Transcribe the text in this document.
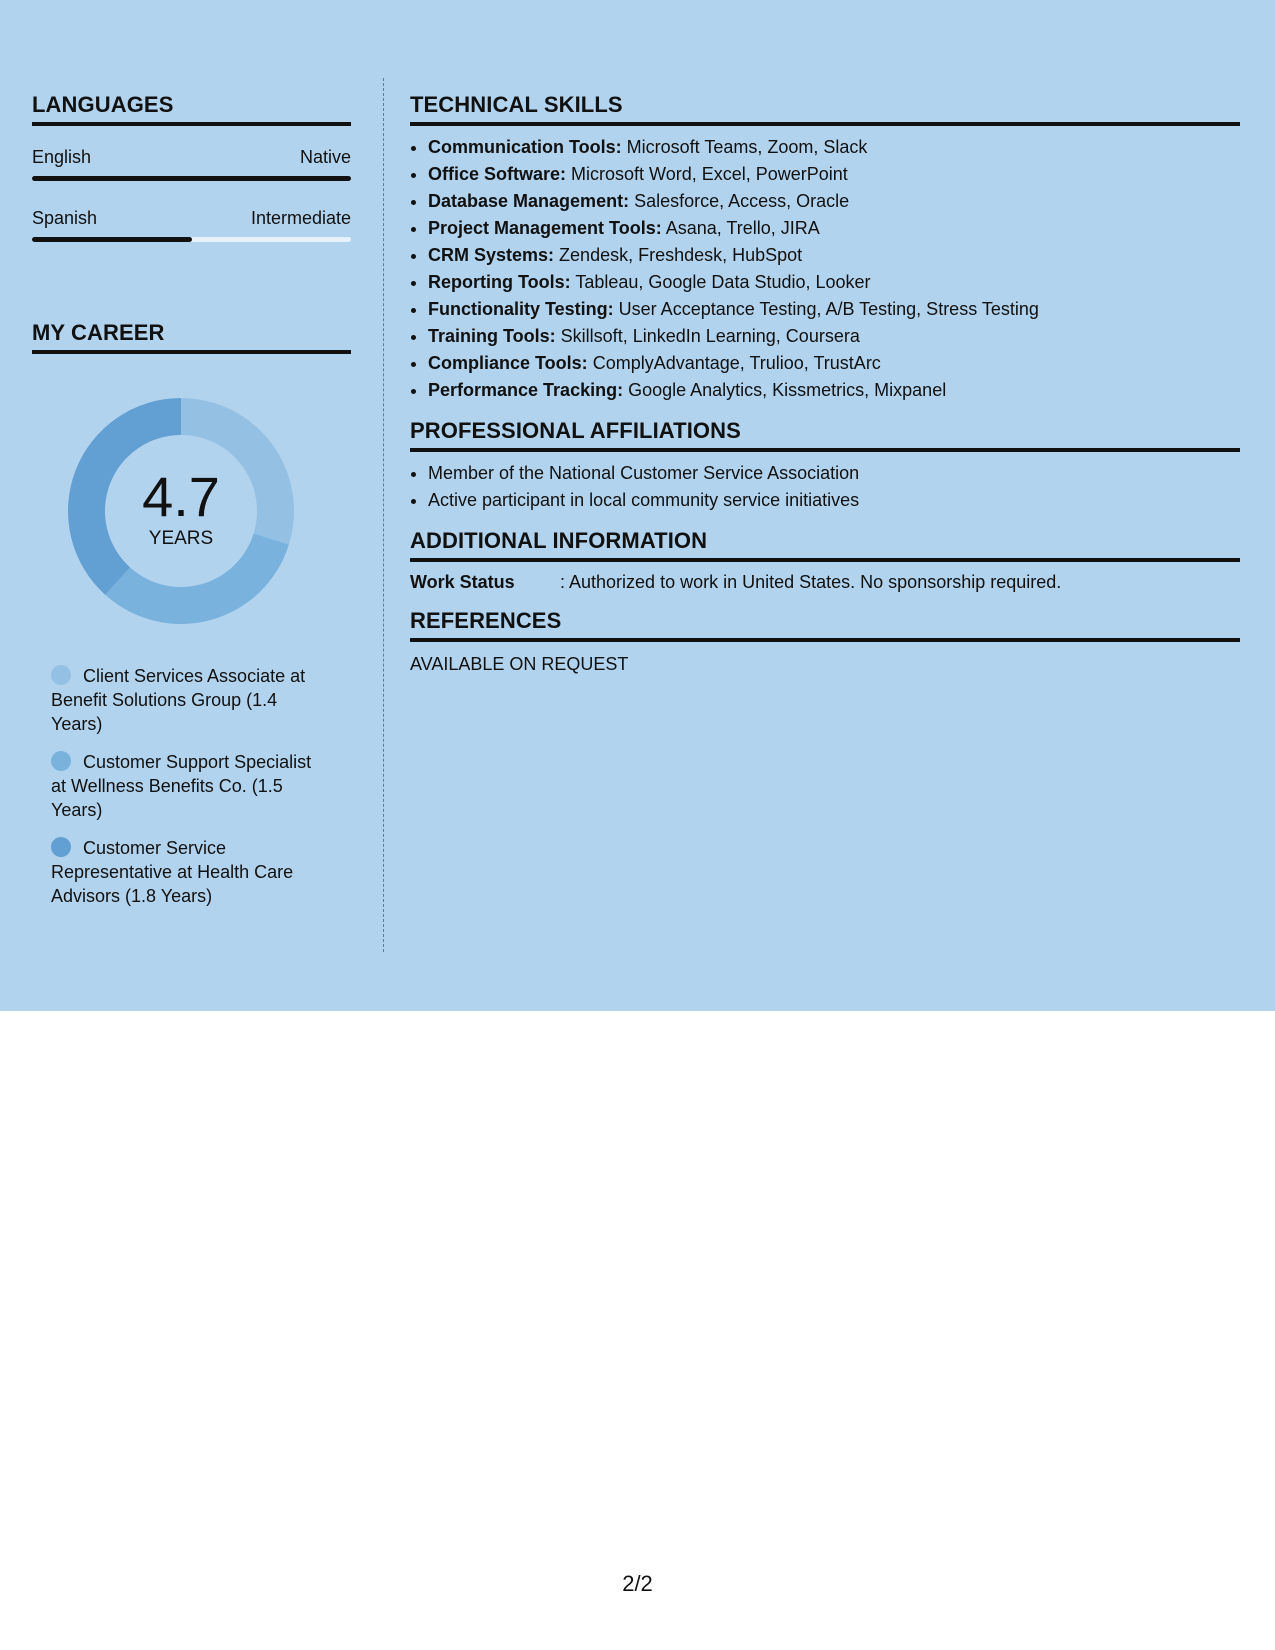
LANGUAGES
English	Native
Spanish	Intermediate
MY CAREER
4.7
YEARS
Client Services Associate at Benefit Solutions Group (1.4 Years)
Customer Support Specialist at Wellness Benefits Co. (1.5 Years)
Customer Service Representative at Health Care Advisors (1.8 Years)
TECHNICAL SKILLS
• Communication Tools: Microsoft Teams, Zoom, Slack
• Office Software: Microsoft Word, Excel, PowerPoint
• Database Management: Salesforce, Access, Oracle
• Project Management Tools: Asana, Trello, JIRA
• CRM Systems: Zendesk, Freshdesk, HubSpot
• Reporting Tools: Tableau, Google Data Studio, Looker
• Functionality Testing: User Acceptance Testing, A/B Testing, Stress Testing
• Training Tools: Skillsoft, LinkedIn Learning, Coursera
• Compliance Tools: ComplyAdvantage, Trulioo, TrustArc
• Performance Tracking: Google Analytics, Kissmetrics, Mixpanel
PROFESSIONAL AFFILIATIONS
• Member of the National Customer Service Association
• Active participant in local community service initiatives
ADDITIONAL INFORMATION
Work Status	: Authorized to work in United States. No sponsorship required.
REFERENCES
AVAILABLE ON REQUEST
2/2
